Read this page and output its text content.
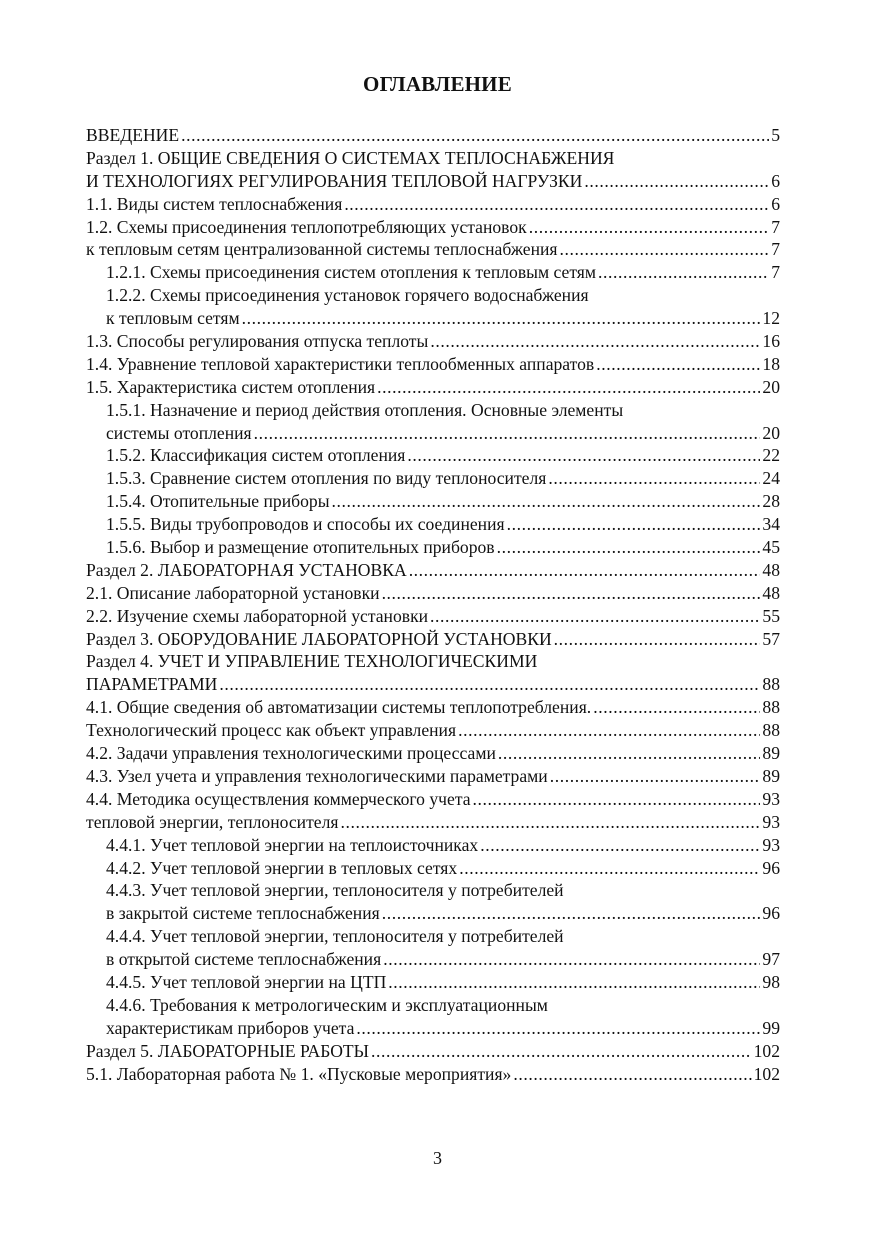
ОГЛАВЛЕНИЕ
ВВЕДЕНИЕ .....	5
Раздел 1. ОБЩИЕ СВЕДЕНИЯ О СИСТЕМАХ ТЕПЛОСНАБЖЕНИЯ
И ТЕХНОЛОГИЯХ РЕГУЛИРОВАНИЯ ТЕПЛОВОЙ НАГРУЗКИ .....	6
1.1. Виды систем теплоснабжения .....	6
1.2. Схемы присоединения теплопотребляющих установок .....	7
к тепловым сетям централизованной системы теплоснабжения .....	7
1.2.1. Схемы присоединения систем отопления к тепловым сетям .....	7
1.2.2. Схемы присоединения установок горячего водоснабжения
к тепловым сетям .....	12
1.3. Способы регулирования отпуска теплоты .....	16
1.4. Уравнение тепловой характеристики теплообменных аппаратов .....	18
1.5. Характеристика систем отопления .....	20
1.5.1. Назначение и период действия отопления. Основные элементы
системы отопления .....	20
1.5.2. Классификация систем отопления .....	22
1.5.3. Сравнение систем отопления по виду теплоносителя .....	24
1.5.4. Отопительные приборы .....	28
1.5.5. Виды трубопроводов и способы их соединения .....	34
1.5.6. Выбор и размещение отопительных приборов .....	45
Раздел 2. ЛАБОРАТОРНАЯ УСТАНОВКА .....	48
2.1. Описание лабораторной установки .....	48
2.2. Изучение схемы лабораторной установки .....	55
Раздел 3. ОБОРУДОВАНИЕ ЛАБОРАТОРНОЙ УСТАНОВКИ .....	57
Раздел 4. УЧЕТ И УПРАВЛЕНИЕ ТЕХНОЛОГИЧЕСКИМИ
ПАРАМЕТРАМИ .....	88
4.1. Общие сведения об автоматизации системы теплопотребления. .....	88
Технологический процесс как объект управления .....	88
4.2. Задачи управления технологическими процессами .....	89
4.3. Узел учета и управления технологическими параметрами .....	89
4.4. Методика осуществления коммерческого учета .....	93
тепловой энергии, теплоносителя .....	93
4.4.1. Учет тепловой энергии на теплоисточниках .....	93
4.4.2. Учет тепловой энергии в тепловых сетях .....	96
4.4.3. Учет тепловой энергии, теплоносителя у потребителей
в закрытой системе теплоснабжения .....	96
4.4.4. Учет тепловой энергии, теплоносителя у потребителей
в открытой системе теплоснабжения .....	97
4.4.5. Учет тепловой энергии на ЦТП .....	98
4.4.6. Требования к метрологическим и эксплуатационным
характеристикам приборов учета .....	99
Раздел 5. ЛАБОРАТОРНЫЕ РАБОТЫ .....	102
5.1. Лабораторная работа № 1. «Пусковые мероприятия» .....	102
3
